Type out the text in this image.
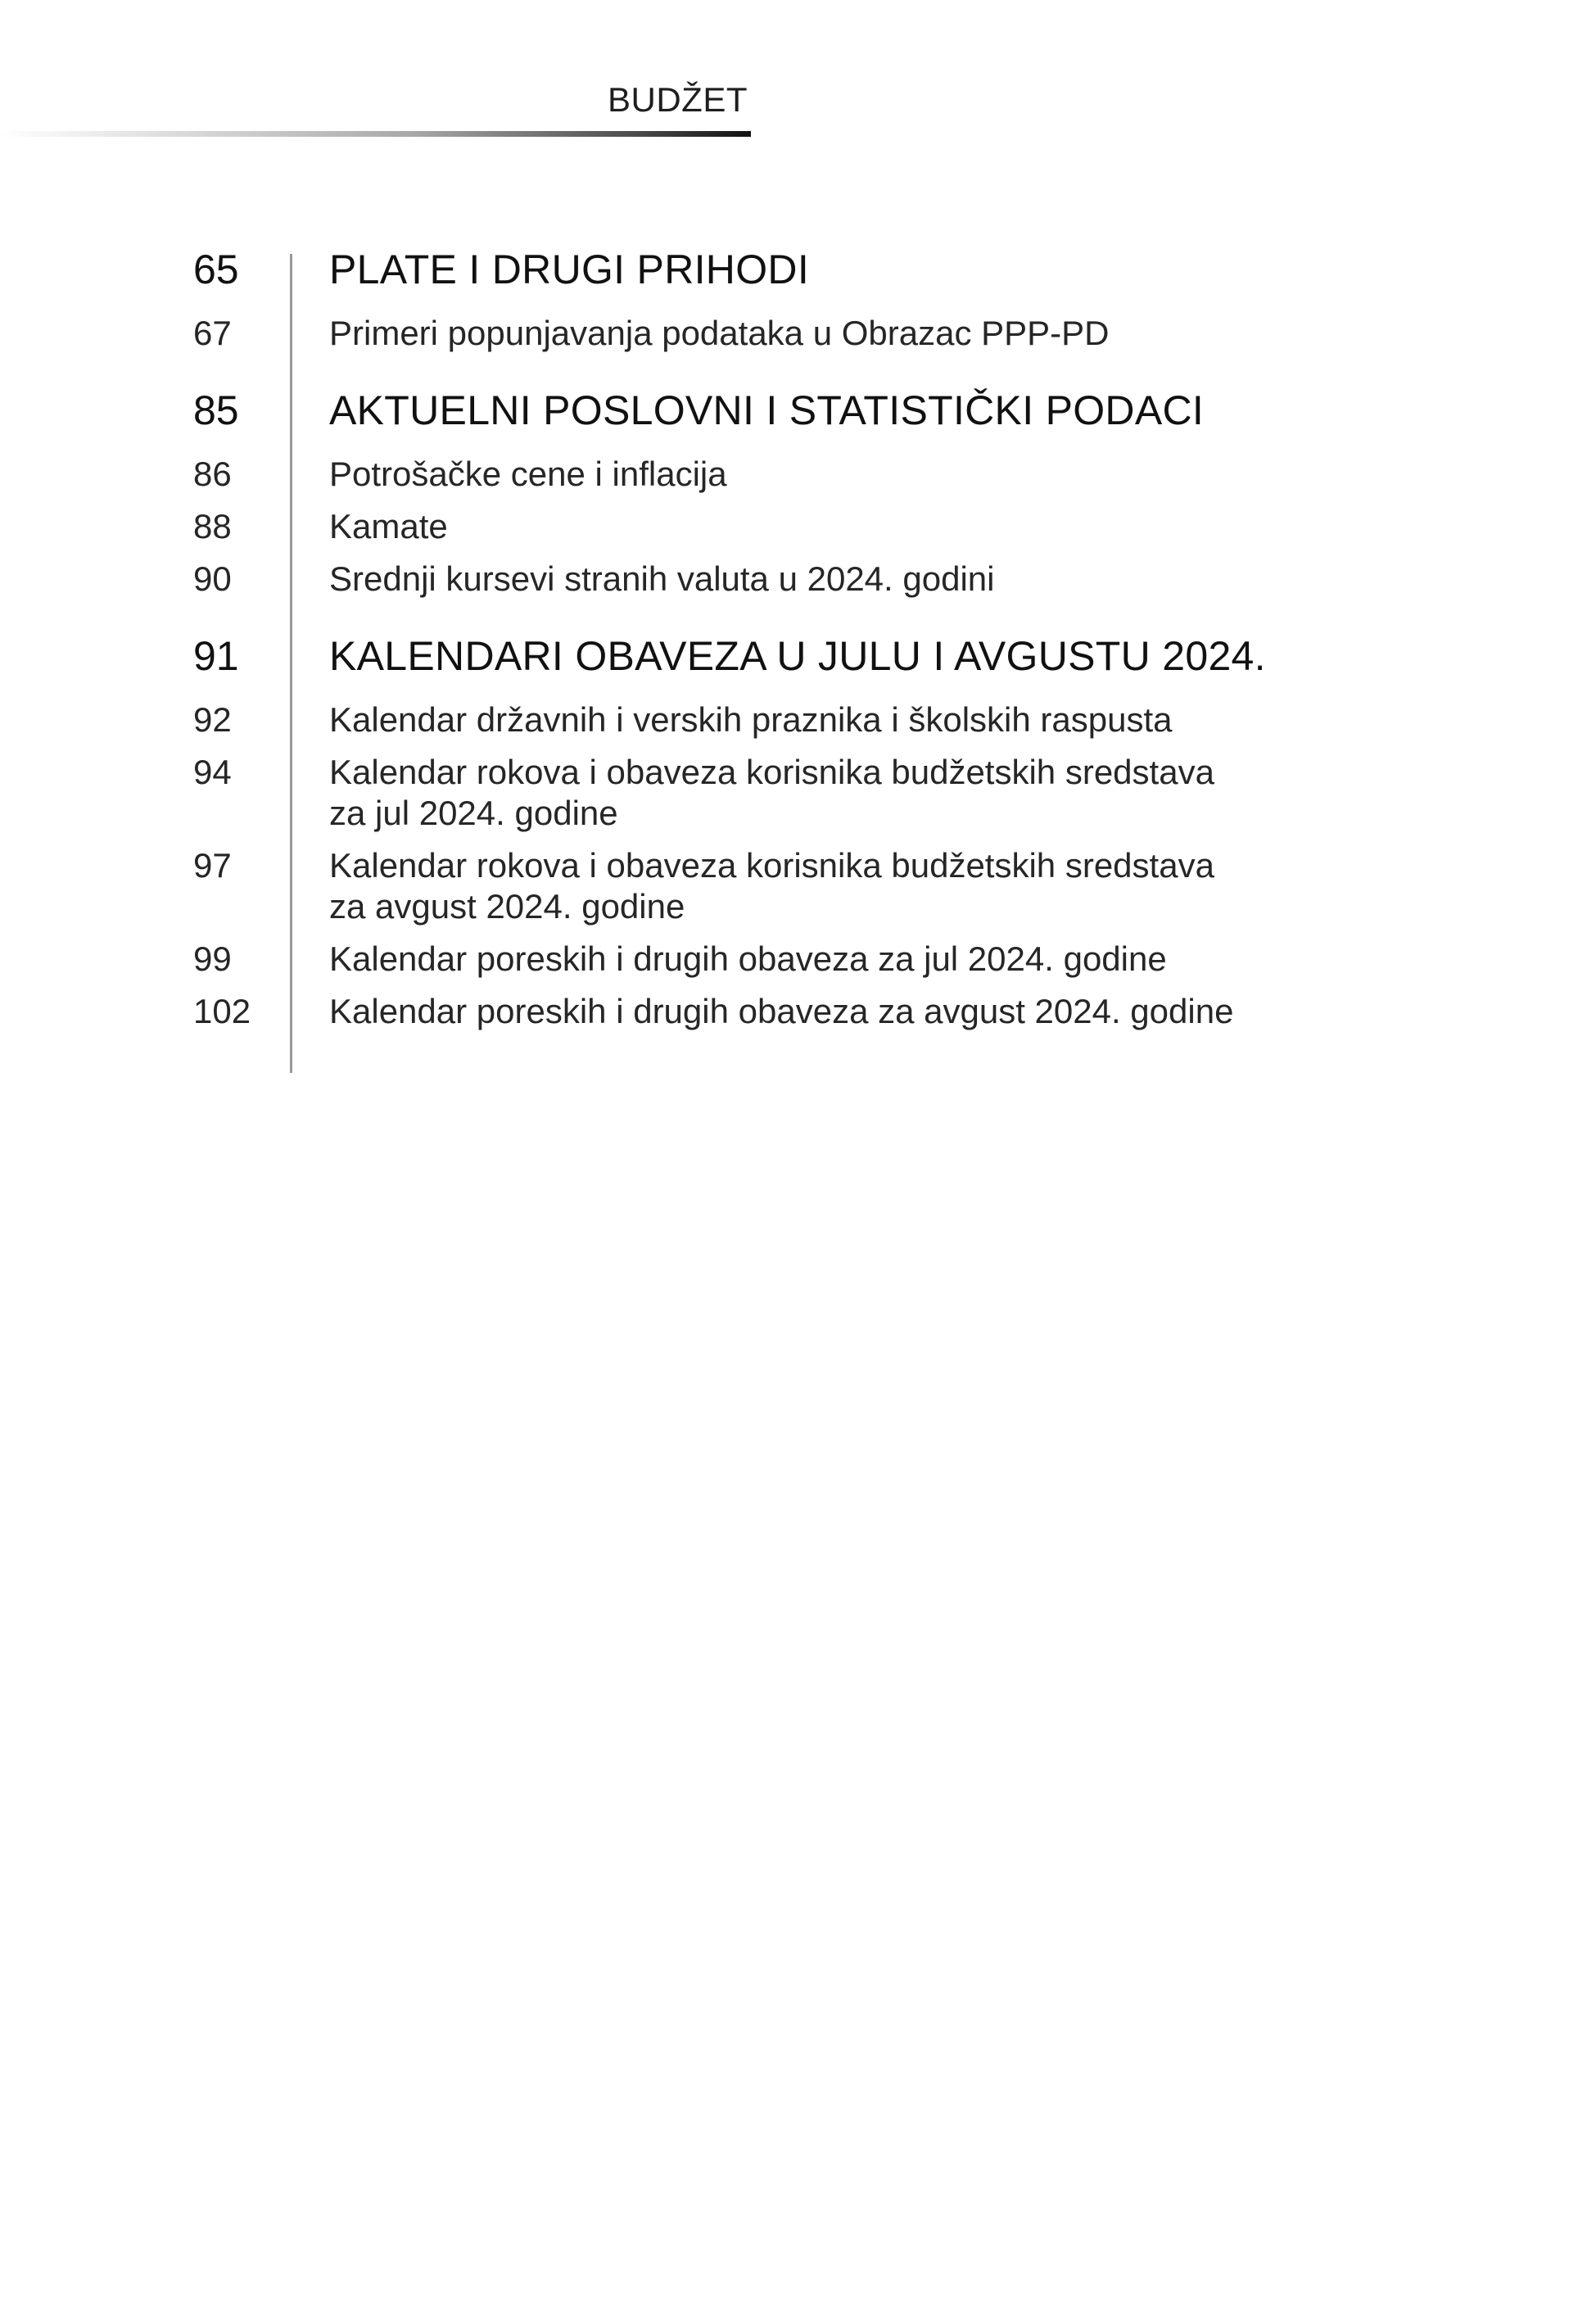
BUDŽET
65	PLATE I DRUGI PRIHODI
67	Primeri popunjavanja podataka u Obrazac PPP-PD
85	AKTUELNI POSLOVNI I STATISTIČKI PODACI
86	Potrošačke cene i inflacija
88	Kamate
90	Srednji kursevi stranih valuta u 2024. godini
91	KALENDARI OBAVEZA U JULU I AVGUSTU 2024.
92	Kalendar državnih i verskih praznika i školskih raspusta
94	Kalendar rokova i obaveza korisnika budžetskih sredstava
za jul 2024. godine
97	Kalendar rokova i obaveza korisnika budžetskih sredstava
za avgust 2024. godine
99	Kalendar poreskih i drugih obaveza za jul 2024. godine
102	Kalendar poreskih i drugih obaveza za avgust 2024. godine
